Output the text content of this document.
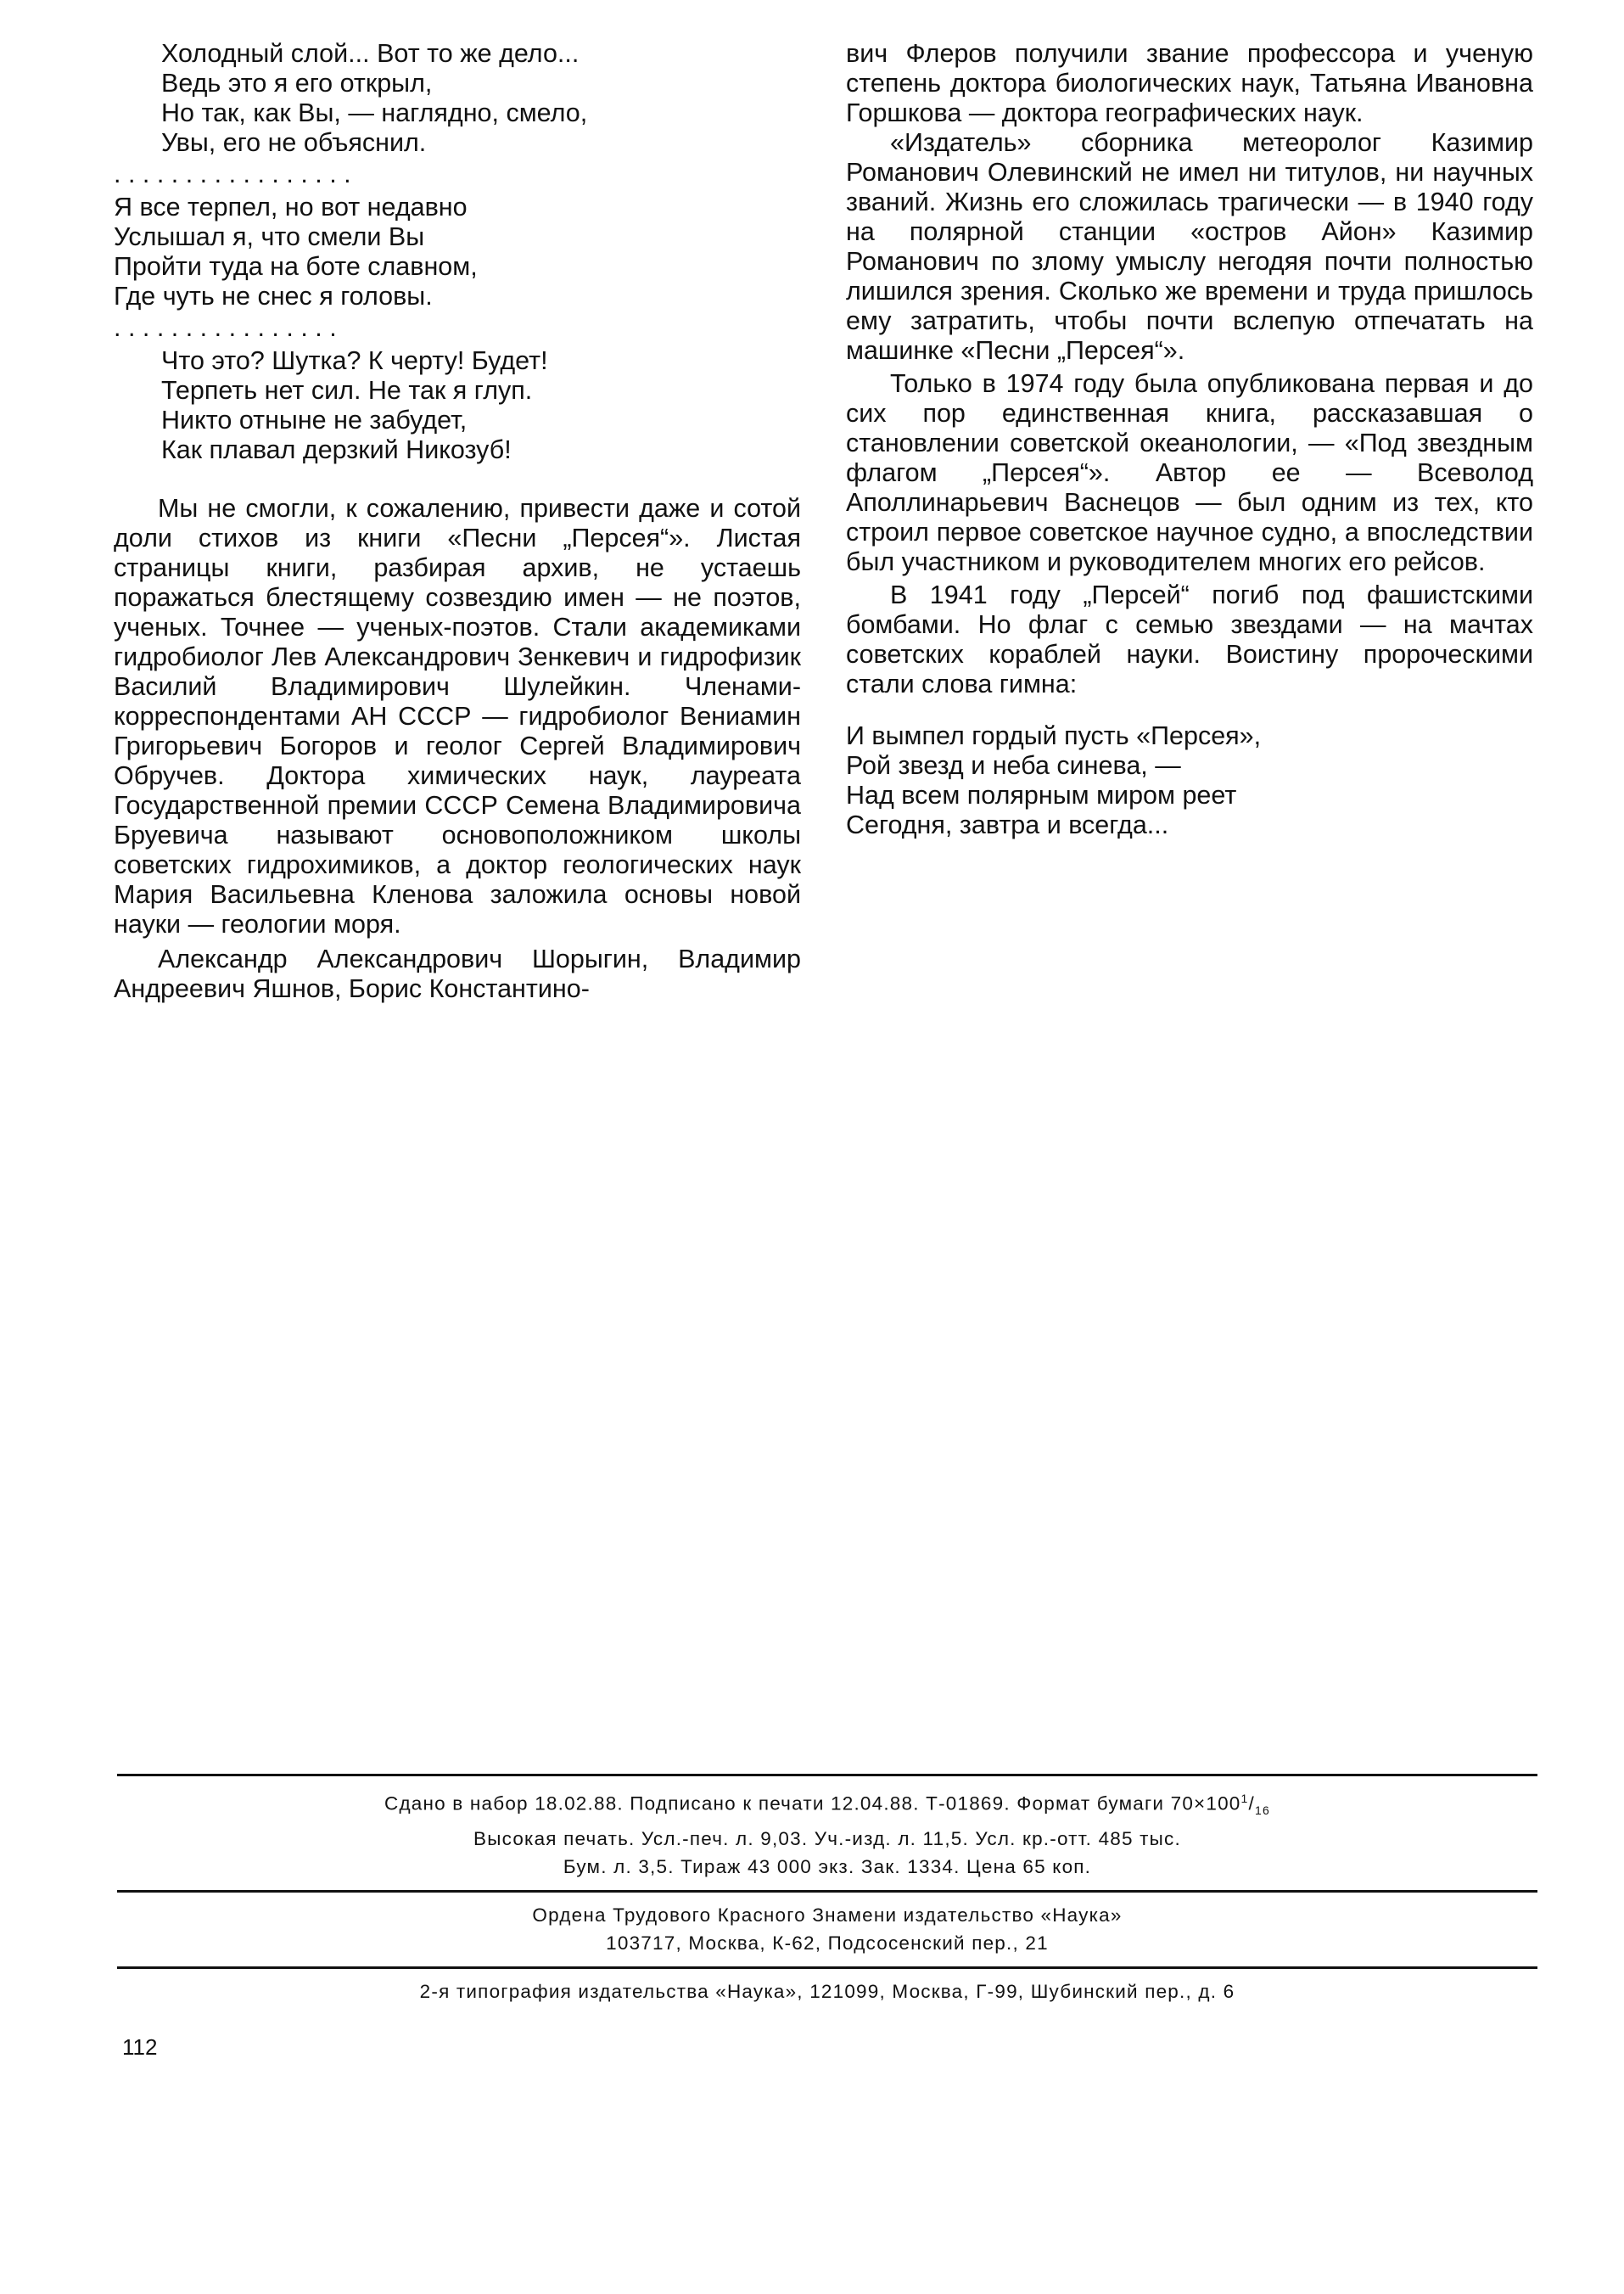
Холодный слой... Вот то же дело...
Ведь это я его открыл,
Но так, как Вы, — наглядно, смело,
Увы, его не объяснил.
. . . . . . . . . . . . . . . . .
Я все терпел, но вот недавно
Услышал я, что смели Вы
Пройти туда на боте славном,
Где чуть не снес я головы.
. . . . . . . . . . . . . . . .
Что это? Шутка? К черту! Будет!
Терпеть нет сил. Не так я глуп.
Никто отныне не забудет,
Как плавал дерзкий Никозуб!

Мы не смогли, к сожалению, привести даже и сотой доли стихов из книги «Песни „Персея“». Листая страницы книги, разбирая архив, не устаешь поражаться блестящему созвездию имен — не поэтов, ученых. Точнее — ученых-поэтов. Стали академиками гидробиолог Лев Александрович Зенкевич и гидрофизик Василий Владимирович Шулейкин. Членами-корреспондентами АН СССР — гидробиолог Вениамин Григорьевич Богоров и геолог Сергей Владимирович Обручев. Доктора химических наук, лауреата Государственной премии СССР Семена Владимировича Бруевича называют основоположником школы советских гидрохимиков, а доктор геологических наук Мария Васильевна Кленова заложила основы новой науки — геологии моря.

Александр Александрович Шорыгин, Владимир Андреевич Яшнов, Борис Константино-

вич Флеров получили звание профессора и ученую степень доктора биологических наук, Татьяна Ивановна Горшкова — доктора географических наук.

«Издатель» сборника метеоролог Казимир Романович Олевинский не имел ни титулов, ни научных званий. Жизнь его сложилась трагически — в 1940 году на полярной станции «остров Айон» Казимир Романович по злому умыслу негодяя почти полностью лишился зрения. Сколько же времени и труда пришлось ему затратить, чтобы почти вслепую отпечатать на машинке «Песни „Персея“».

Только в 1974 году была опубликована первая и до сих пор единственная книга, рассказавшая о становлении советской океанологии, — «Под звездным флагом „Персея“». Автор ее — Всеволод Аполлинарьевич Васнецов — был одним из тех, кто строил первое советское научное судно, а впоследствии был участником и руководителем многих его рейсов.

В 1941 году „Персей“ погиб под фашистскими бомбами. Но флаг с семью звездами — на мачтах советских кораблей науки. Воистину пророческими стали слова гимна:

И вымпел гордый пусть «Персея»,
Рой звезд и неба синева, —
Над всем полярным миром реет
Сегодня, завтра и всегда...
Сдано в набор 18.02.88. Подписано к печати 12.04.88. Т-01869. Формат бумаги $70\times 100^1/_{16}$
Высокая печать. Усл.-печ. л. 9,03. Уч.-изд. л. 11,5. Усл. кр.-отт. 485 тыс.
Бум. л. 3,5. Тираж 43 000 экз. Зак. 1334. Цена 65 коп.
Ордена Трудового Красного Знамени издательство «Наука»
103717, Москва, К-62, Подсосенский пер., 21
2-я типография издательства «Наука», 121099, Москва, Г-99, Шубинский пер., д. 6
112
